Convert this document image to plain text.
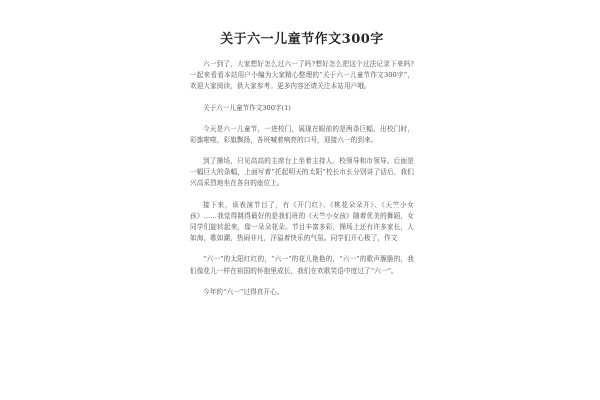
关于六一儿童节作文300字

六一到了，大家想好怎么过六一了吗?想好怎么把这个过法记录下来吗?一起来看看本站用户小编为大家精心整理的“关于六一儿童节作文300字”，欢迎大家阅读，供大家参考。更多内容还请关注本站用户哦。

关于六一儿童节作文300字(1)

今天是六一儿童节，一进校门，展现在眼前的是两条巨幅，出校门时，彩旗啦啦，彩旗飘扬，各班喊着响亮的口号，迎接六一的到来。

到了操场，只见高高的主席台上坐着主持人、校领导和市领导。后面是一幅巨大的条幅，上面写着“托起明天的太阳”校长市长分别讲了话后，我们兴高采烈地坐在各自的座位上。

接下来，该表演节目了，有《开门红》、《桃花朵朵开》、《天竺小女孩》……我觉得跳得最好的是我们班的《天竺小女孩》随着优美的舞蹈，女同学们旋转起来，像一朵朵花朵。节目丰富多彩，操场上还有许多家长，人如海，歌如潮，热闹非凡，洋溢着快乐的气氛。同学们开心极了，作文

“六一”的太阳红红的，“六一”的花儿艳艳的，“六一”的歌声脆脆的，我们像花儿一样在祖国的怀抱里成长，我们在欢歌笑语中度过了“六一”。

今年的“六一”过得真开心。
